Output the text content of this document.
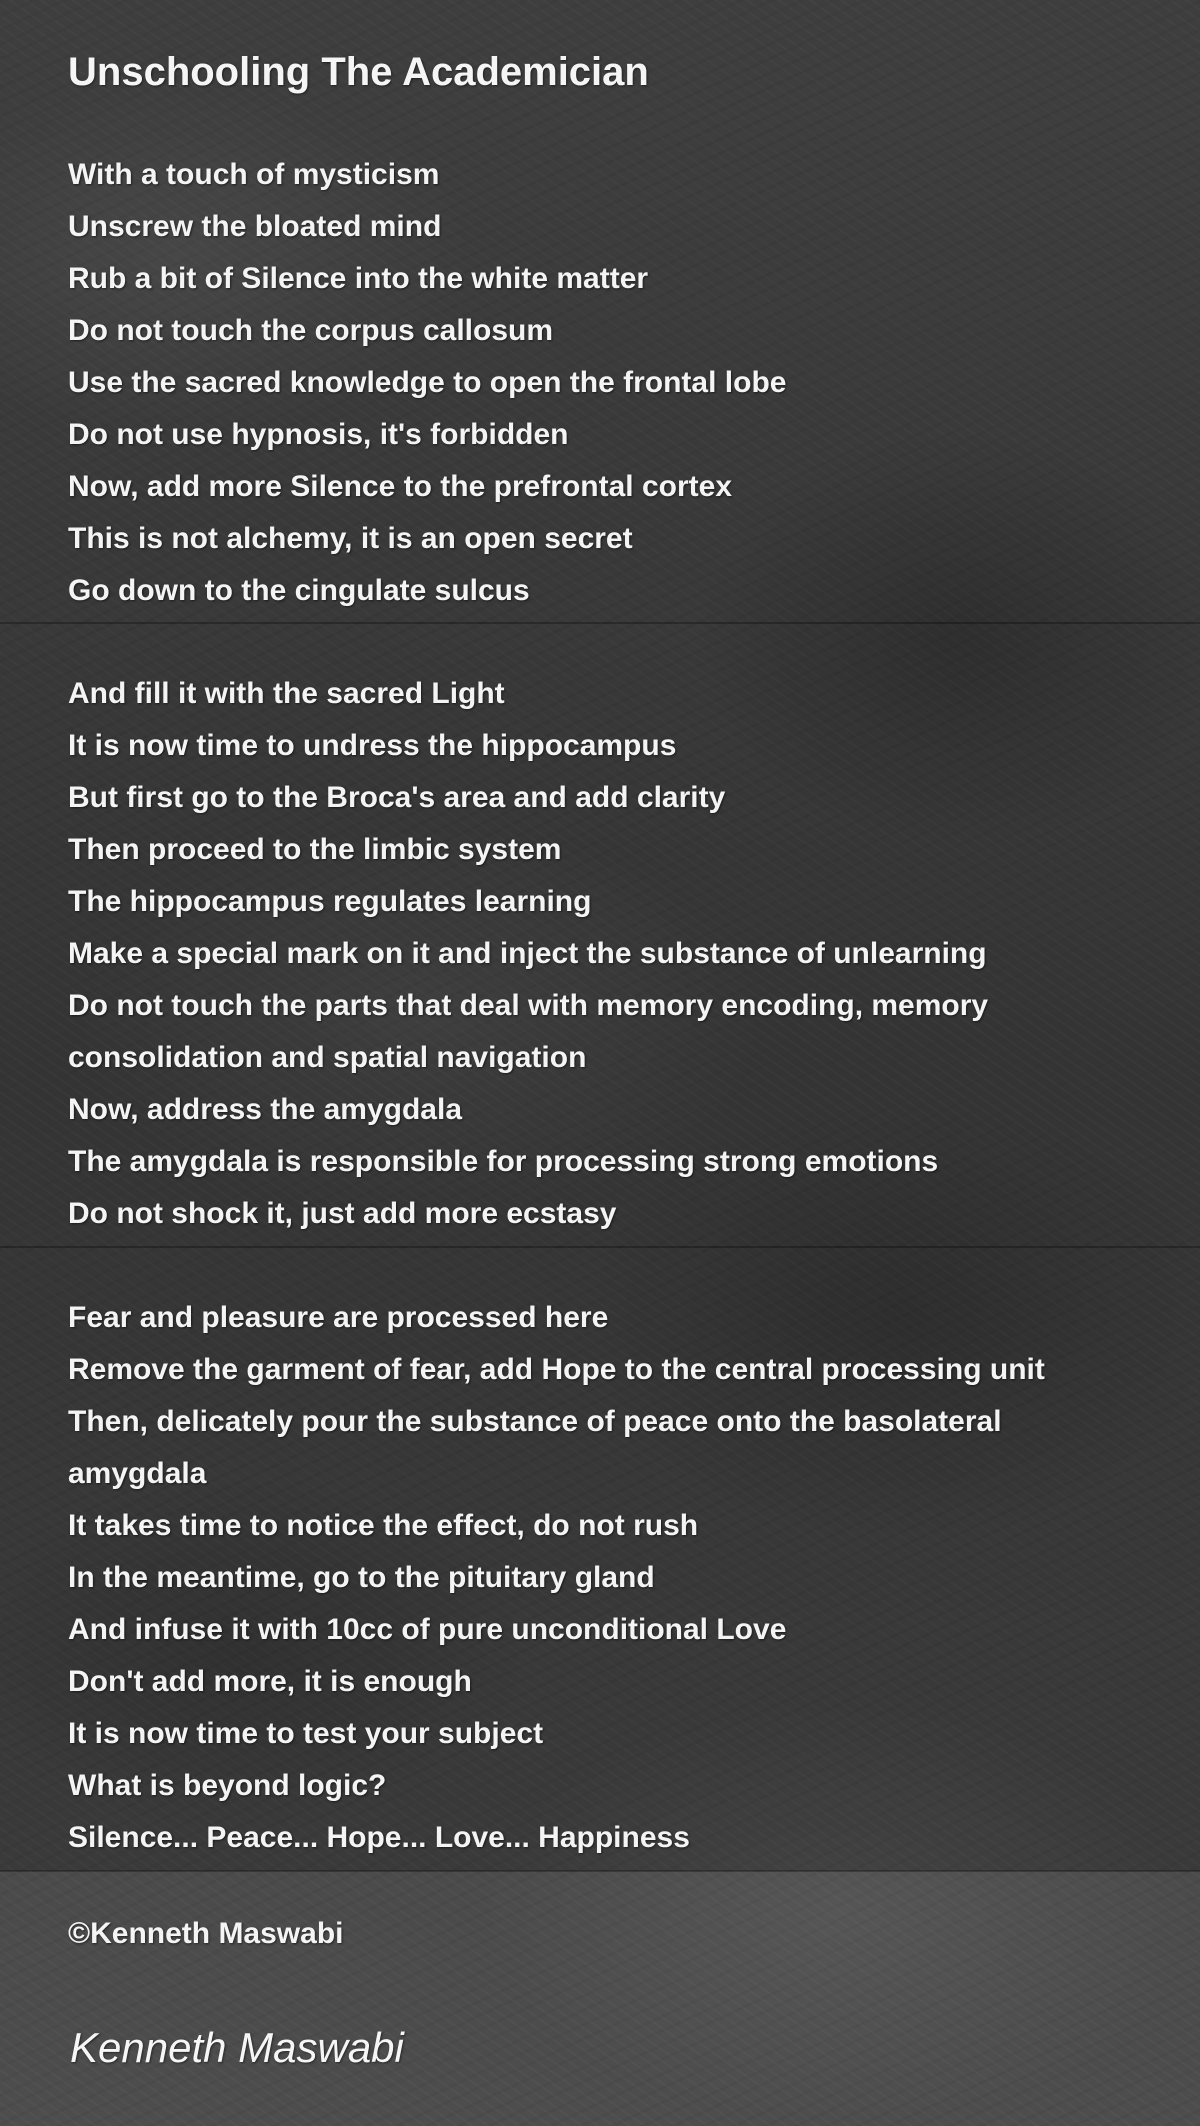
Unschooling The Academician
With a touch of mysticism
Unscrew the bloated mind
Rub a bit of Silence into the white matter
Do not touch the corpus callosum
Use the sacred knowledge to open the frontal lobe
Do not use hypnosis, it's forbidden
Now, add more Silence to the prefrontal cortex
This is not alchemy, it is an open secret
Go down to the cingulate sulcus
And fill it with the sacred Light
It is now time to undress the hippocampus
But first go to the Broca's area and add clarity
Then proceed to the limbic system
The hippocampus regulates learning
Make a special mark on it and inject the substance of unlearning
Do not touch the parts that deal with memory encoding, memory
consolidation and spatial navigation
Now, address the amygdala
The amygdala is responsible for processing strong emotions
Do not shock it, just add more ecstasy
Fear and pleasure are processed here
Remove the garment of fear, add Hope to the central processing unit
Then, delicately pour the substance of peace onto the basolateral
amygdala
It takes time to notice the effect, do not rush
In the meantime, go to the pituitary gland
And infuse it with 10cc of pure unconditional Love
Don't add more, it is enough
It is now time to test your subject
What is beyond logic?
Silence... Peace... Hope... Love... Happiness
©Kenneth Maswabi
Kenneth Maswabi
